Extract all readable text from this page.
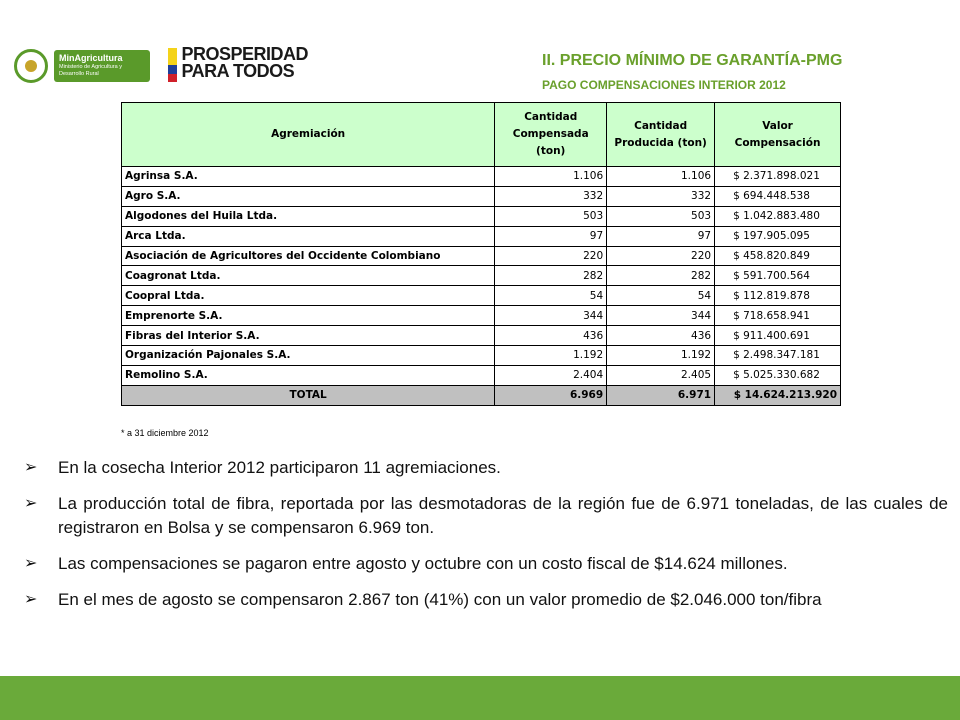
MinAgricultura
Ministerio de Agricultura y Desarrollo Rural
PROSPERIDAD
PARA TODOS
II. PRECIO MÍNIMO DE GARANTÍA-PMG
PAGO COMPENSACIONES INTERIOR 2012
Agremiación	Cantidad Compensada (ton)	Cantidad Producida (ton)	Valor Compensación
Agrinsa S.A.	1.106	1.106	$ 2.371.898.021
Agro S.A.	332	332	$ 694.448.538
Algodones del Huila Ltda.	503	503	$ 1.042.883.480
Arca Ltda.	97	97	$ 197.905.095
Asociación de Agricultores del Occidente Colombiano	220	220	$ 458.820.849
Coagronat Ltda.	282	282	$ 591.700.564
Coopral Ltda.	54	54	$ 112.819.878
Emprenorte S.A.	344	344	$ 718.658.941
Fibras del Interior S.A.	436	436	$ 911.400.691
Organización Pajonales S.A.	1.192	1.192	$ 2.498.347.181
Remolino S.A.	2.404	2.405	$ 5.025.330.682
TOTAL	6.969	6.971	$ 14.624.213.920
* a 31 diciembre 2012
➢ En la cosecha Interior 2012 participaron 11 agremiaciones.
➢ La producción total de fibra, reportada por las desmotadoras de la región fue de 6.971 toneladas, de las cuales de registraron en Bolsa y se compensaron 6.969 ton.
➢ Las compensaciones se pagaron entre agosto y octubre con un costo fiscal de $14.624 millones.
➢ En el mes de agosto se compensaron 2.867 ton (41%) con un valor promedio de $2.046.000 ton/fibra
